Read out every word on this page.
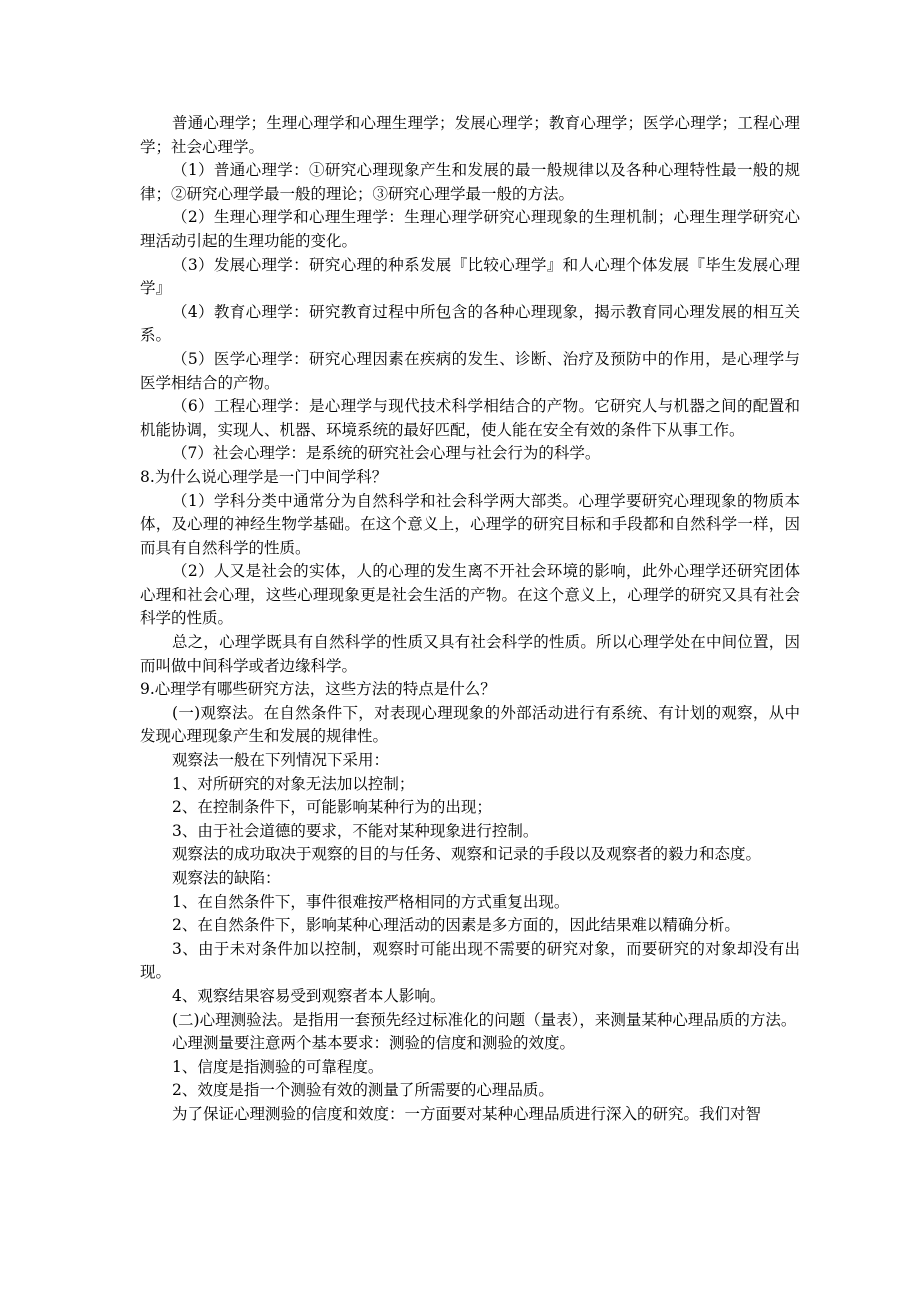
普通心理学；生理心理学和心理生理学；发展心理学；教育心理学；医学心理学；工程心理学；社会心理学。

（1）普通心理学：①研究心理现象产生和发展的最一般规律以及各种心理特性最一般的规律；②研究心理学最一般的理论；③研究心理学最一般的方法。

（2）生理心理学和心理生理学：生理心理学研究心理现象的生理机制；心理生理学研究心理活动引起的生理功能的变化。

（3）发展心理学：研究心理的种系发展『比较心理学』和人心理个体发展『毕生发展心理学』

（4）教育心理学：研究教育过程中所包含的各种心理现象，揭示教育同心理发展的相互关系。

（5）医学心理学：研究心理因素在疾病的发生、诊断、治疗及预防中的作用，是心理学与医学相结合的产物。

（6）工程心理学：是心理学与现代技术科学相结合的产物。它研究人与机器之间的配置和机能协调，实现人、机器、环境系统的最好匹配，使人能在安全有效的条件下从事工作。

（7）社会心理学：是系统的研究社会心理与社会行为的科学。

8.为什么说心理学是一门中间学科？

（1）学科分类中通常分为自然科学和社会科学两大部类。心理学要研究心理现象的物质本体，及心理的神经生物学基础。在这个意义上，心理学的研究目标和手段都和自然科学一样，因而具有自然科学的性质。

（2）人又是社会的实体，人的心理的发生离不开社会环境的影响，此外心理学还研究团体心理和社会心理，这些心理现象更是社会生活的产物。在这个意义上，心理学的研究又具有社会科学的性质。

总之，心理学既具有自然科学的性质又具有社会科学的性质。所以心理学处在中间位置，因而叫做中间科学或者边缘科学。

9.心理学有哪些研究方法，这些方法的特点是什么？

(一)观察法。在自然条件下，对表现心理现象的外部活动进行有系统、有计划的观察，从中发现心理现象产生和发展的规律性。

观察法一般在下列情况下采用：

1、对所研究的对象无法加以控制；

2、在控制条件下，可能影响某种行为的出现；

3、由于社会道德的要求，不能对某种现象进行控制。

观察法的成功取决于观察的目的与任务、观察和记录的手段以及观察者的毅力和态度。

观察法的缺陷：

1、在自然条件下，事件很难按严格相同的方式重复出现。

2、在自然条件下，影响某种心理活动的因素是多方面的，因此结果难以精确分析。

3、由于未对条件加以控制，观察时可能出现不需要的研究对象，而要研究的对象却没有出现。

4、观察结果容易受到观察者本人影响。

(二)心理测验法。是指用一套预先经过标准化的问题（量表），来测量某种心理品质的方法。

心理测量要注意两个基本要求：测验的信度和测验的效度。

1、信度是指测验的可靠程度。

2、效度是指一个测验有效的测量了所需要的心理品质。

为了保证心理测验的信度和效度：一方面要对某种心理品质进行深入的研究。我们对智
